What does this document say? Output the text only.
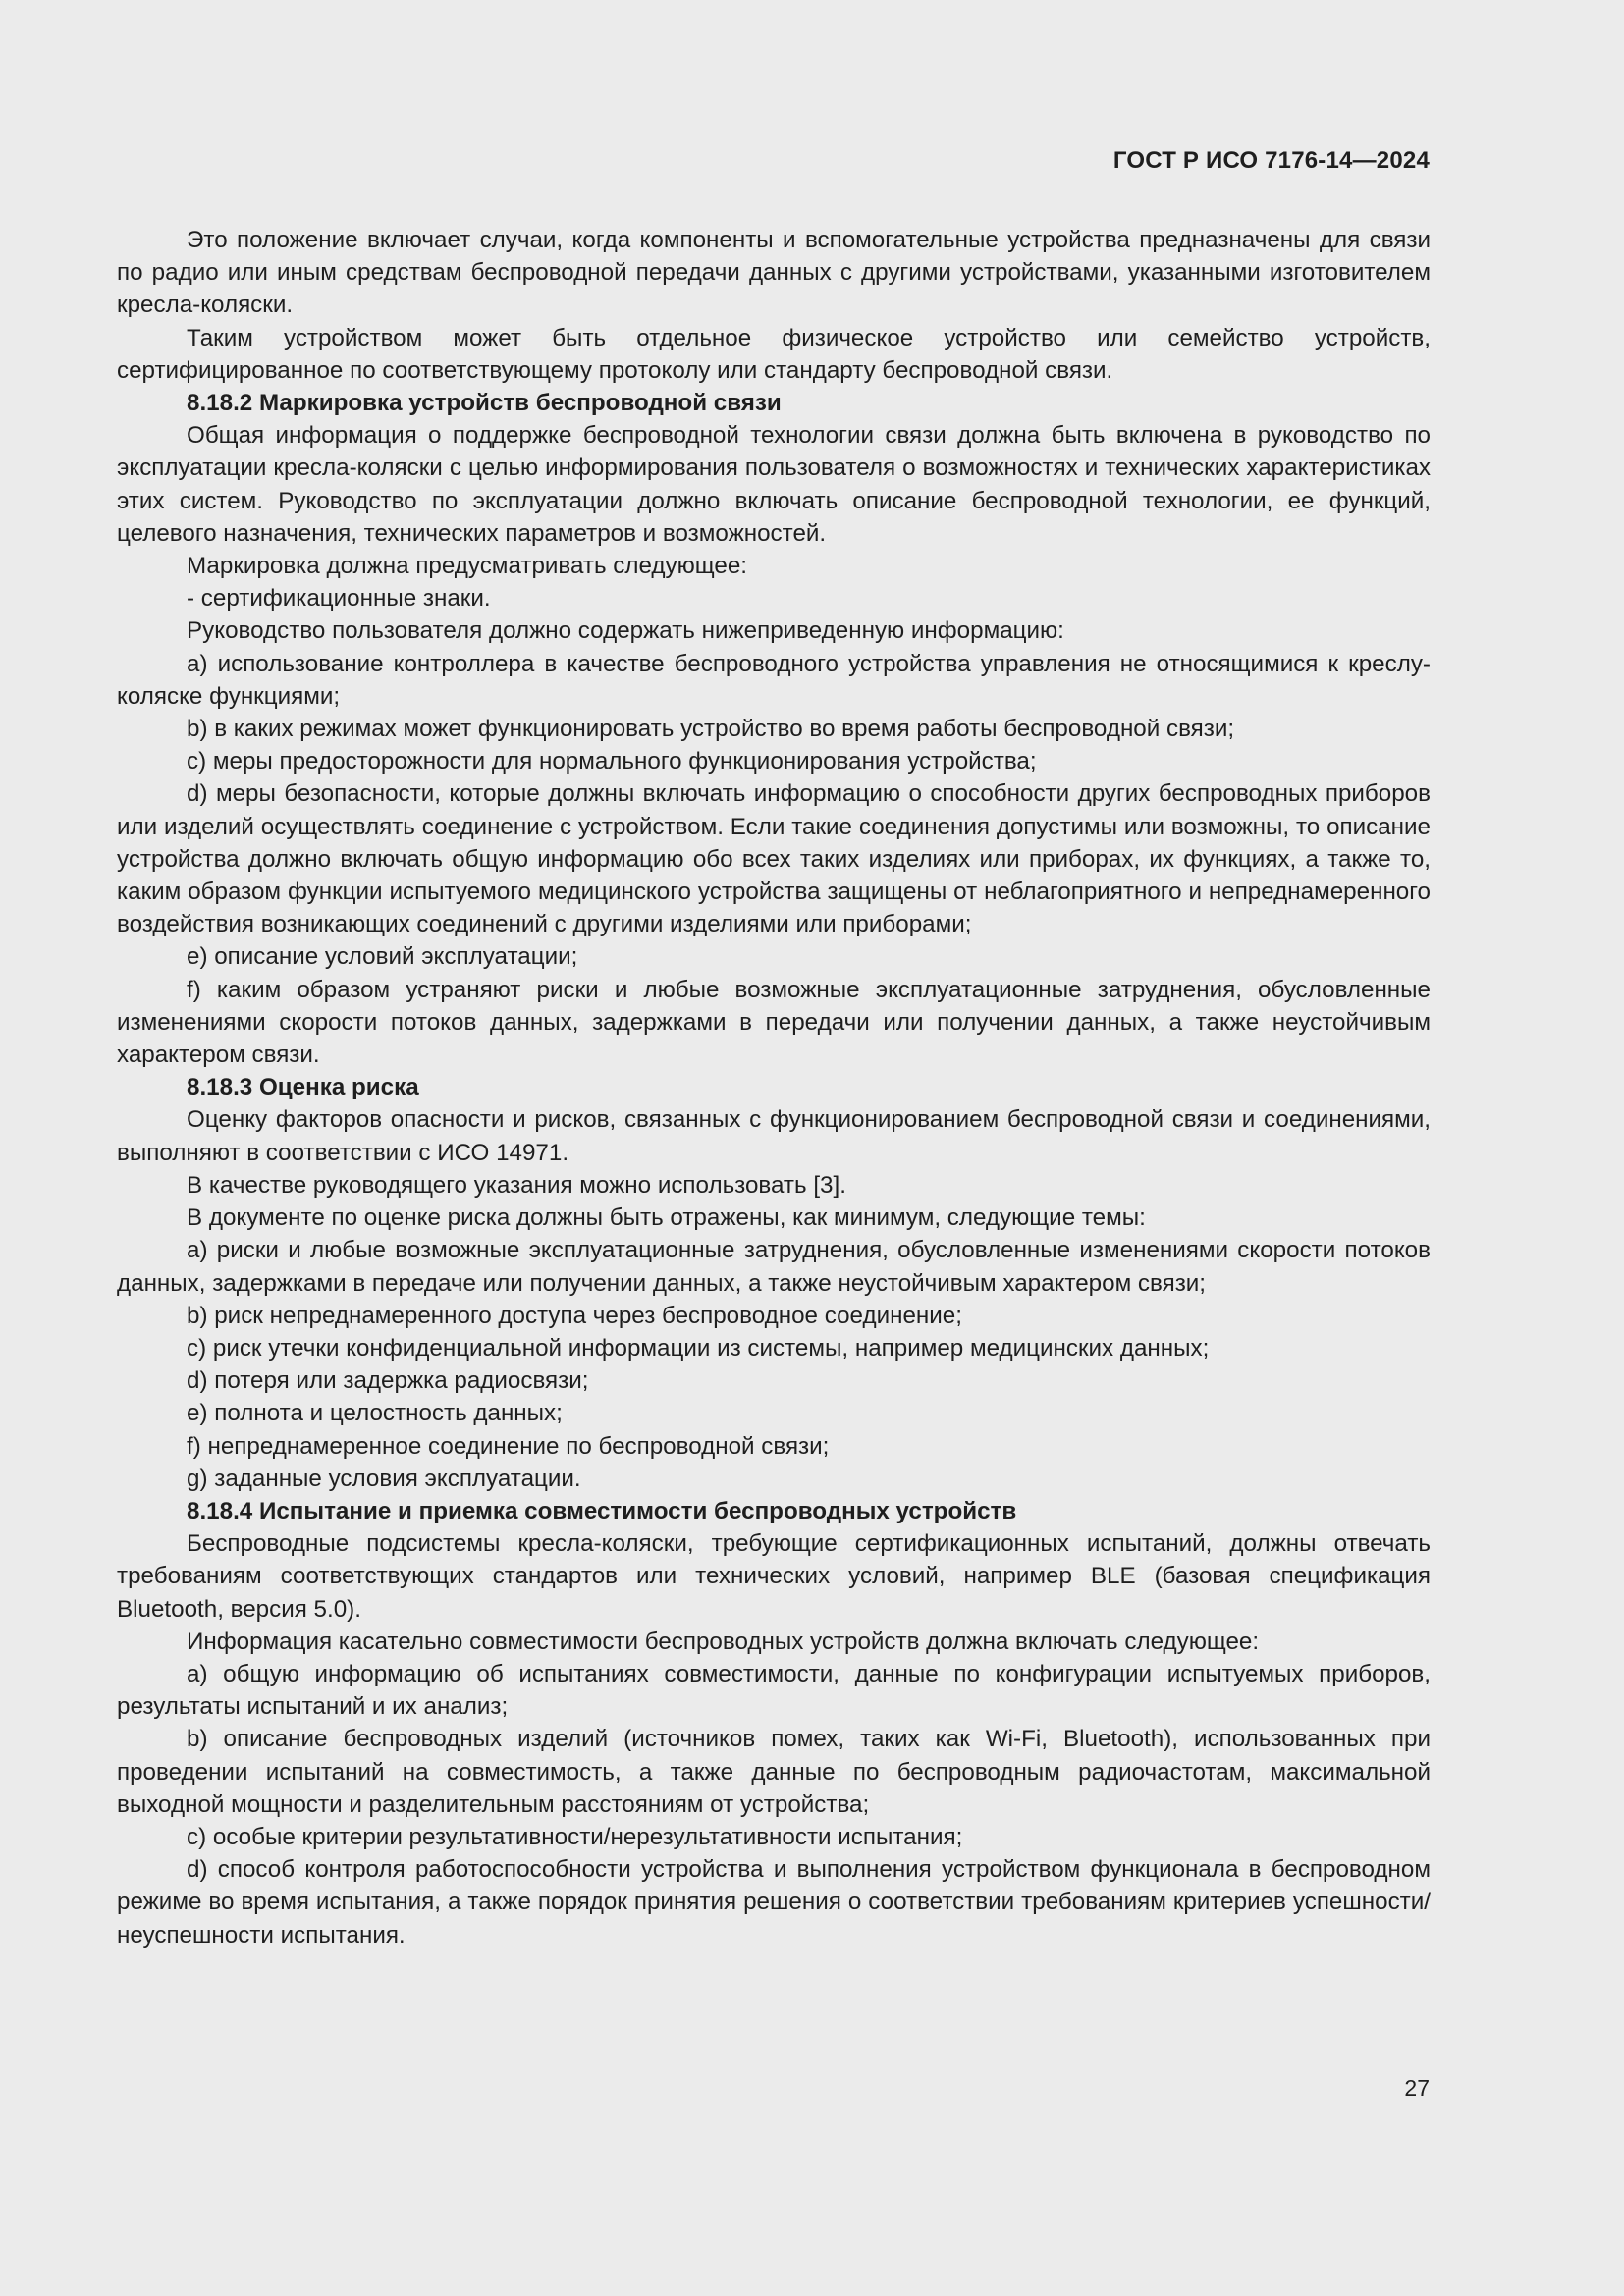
ГОСТ Р ИСО 7176-14—2024

Это положение включает случаи, когда компоненты и вспомогательные устройства предназначены для связи по радио или иным средствам беспроводной передачи данных с другими устройствами, указанными изготовителем кресла-коляски.

Таким устройством может быть отдельное физическое устройство или семейство устройств, сертифицированное по соответствующему протоколу или стандарту беспроводной связи.

8.18.2 Маркировка устройств беспроводной связи

Общая информация о поддержке беспроводной технологии связи должна быть включена в руководство по эксплуатации кресла-коляски с целью информирования пользователя о возможностях и технических характеристиках этих систем. Руководство по эксплуатации должно включать описание беспроводной технологии, ее функций, целевого назначения, технических параметров и возможностей.

Маркировка должна предусматривать следующее:

- сертификационные знаки.

Руководство пользователя должно содержать нижеприведенную информацию:

a) использование контроллера в качестве беспроводного устройства управления не относящимися к креслу-коляске функциями;

b) в каких режимах может функционировать устройство во время работы беспроводной связи;

c) меры предосторожности для нормального функционирования устройства;

d) меры безопасности, которые должны включать информацию о способности других беспроводных приборов или изделий осуществлять соединение с устройством. Если такие соединения допустимы или возможны, то описание устройства должно включать общую информацию обо всех таких изделиях или приборах, их функциях, а также то, каким образом функции испытуемого медицинского устройства защищены от неблагоприятного и непреднамеренного воздействия возникающих соединений с другими изделиями или приборами;

e) описание условий эксплуатации;

f) каким образом устраняют риски и любые возможные эксплуатационные затруднения, обусловленные изменениями скорости потоков данных, задержками в передачи или получении данных, а также неустойчивым характером связи.

8.18.3 Оценка риска

Оценку факторов опасности и рисков, связанных с функционированием беспроводной связи и соединениями, выполняют в соответствии с ИСО 14971.

В качестве руководящего указания можно использовать [3].

В документе по оценке риска должны быть отражены, как минимум, следующие темы:

a) риски и любые возможные эксплуатационные затруднения, обусловленные изменениями скорости потоков данных, задержками в передаче или получении данных, а также неустойчивым характером связи;

b) риск непреднамеренного доступа через беспроводное соединение;

c) риск утечки конфиденциальной информации из системы, например медицинских данных;

d) потеря или задержка радиосвязи;

e) полнота и целостность данных;

f) непреднамеренное соединение по беспроводной связи;

g) заданные условия эксплуатации.

8.18.4 Испытание и приемка совместимости беспроводных устройств

Беспроводные подсистемы кресла-коляски, требующие сертификационных испытаний, должны отвечать требованиям соответствующих стандартов или технических условий, например BLE (базовая спецификация Bluetooth, версия 5.0).

Информация касательно совместимости беспроводных устройств должна включать следующее:

a) общую информацию об испытаниях совместимости, данные по конфигурации испытуемых приборов, результаты испытаний и их анализ;

b) описание беспроводных изделий (источников помех, таких как Wi-Fi, Bluetooth), использованных при проведении испытаний на совместимость, а также данные по беспроводным радиочастотам, максимальной выходной мощности и разделительным расстояниям от устройства;

c) особые критерии результативности/нерезультативности испытания;

d) способ контроля работоспособности устройства и выполнения устройством функционала в беспроводном режиме во время испытания, а также порядок принятия решения о соответствии требованиям критериев успешности/неуспешности испытания.

27
